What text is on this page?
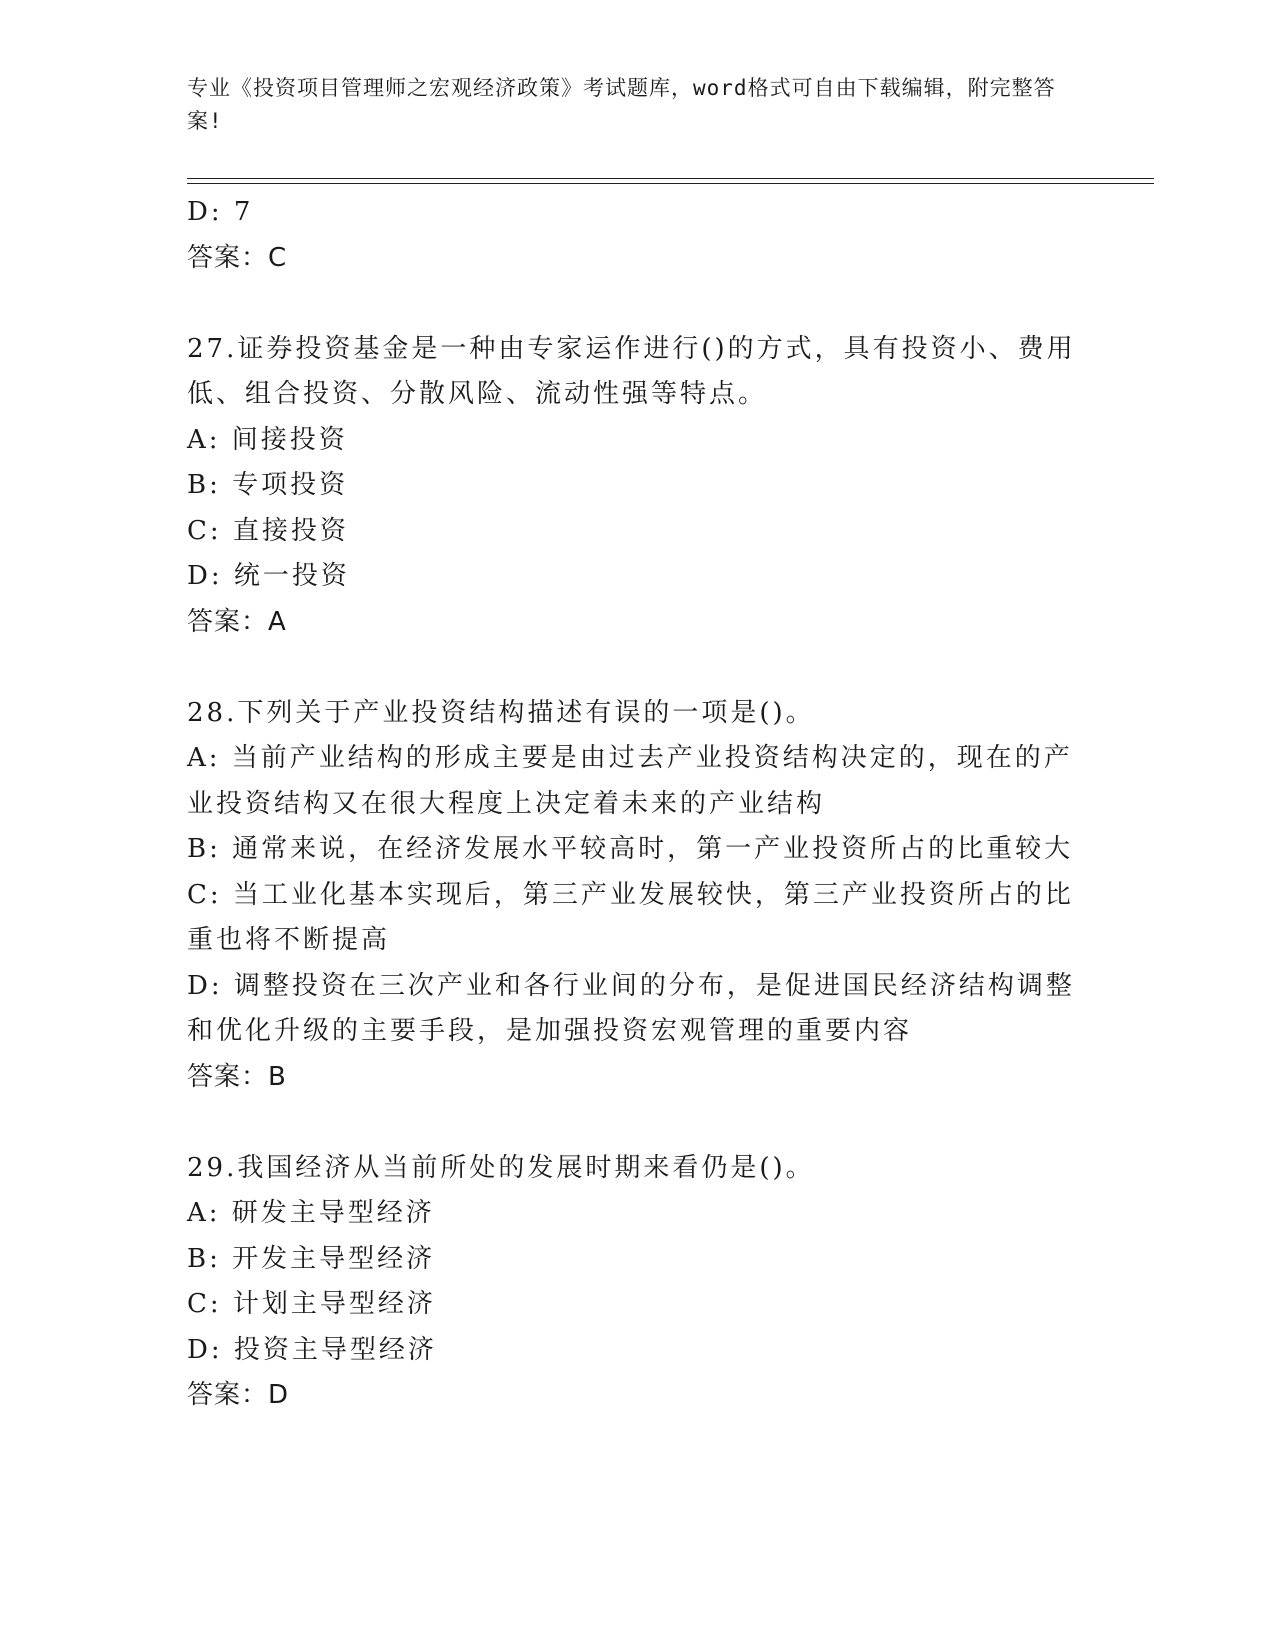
专业《投资项目管理师之宏观经济政策》考试题库，word格式可自由下载编辑，附完整答案!
D: 7
答案：C
27.证券投资基金是一种由专家运作进行()的方式，具有投资小、费用低、组合投资、分散风险、流动性强等特点。
A: 间接投资
B: 专项投资
C: 直接投资
D: 统一投资
答案：A
28.下列关于产业投资结构描述有误的一项是()。
A: 当前产业结构的形成主要是由过去产业投资结构决定的，现在的产业投资结构又在很大程度上决定着未来的产业结构
B: 通常来说，在经济发展水平较高时，第一产业投资所占的比重较大
C: 当工业化基本实现后，第三产业发展较快，第三产业投资所占的比重也将不断提高
D: 调整投资在三次产业和各行业间的分布，是促进国民经济结构调整和优化升级的主要手段，是加强投资宏观管理的重要内容
答案：B
29.我国经济从当前所处的发展时期来看仍是()。
A: 研发主导型经济
B: 开发主导型经济
C: 计划主导型经济
D: 投资主导型经济
答案：D
